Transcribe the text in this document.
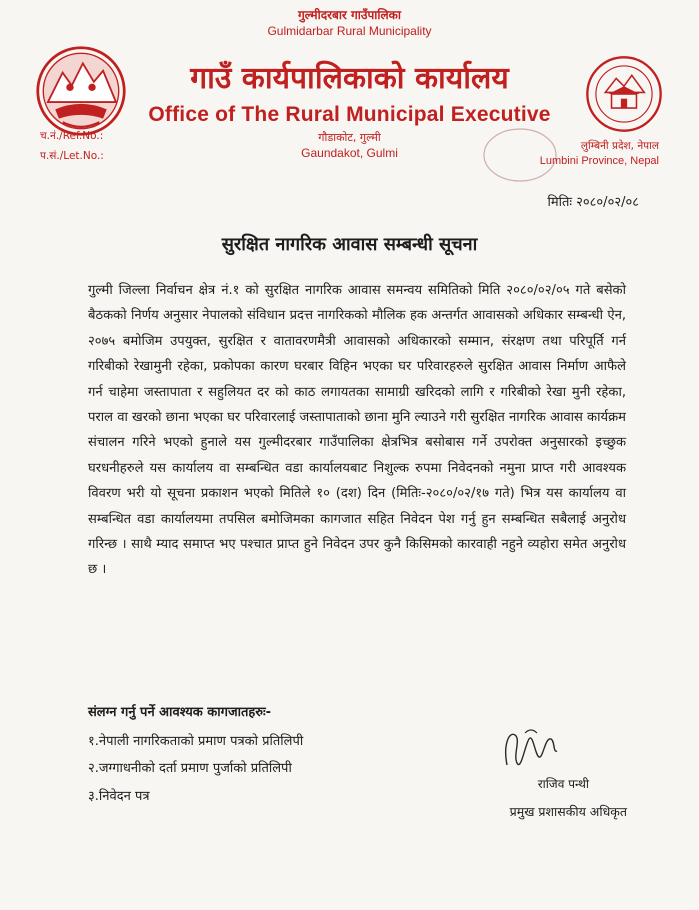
गुल्मीदरबार गाउँपालिका
Gulmidarbar Rural Municipality
गाउँ कार्यपालिकाको कार्यालय
Office of The Rural Municipal Executive
गौडाकोट, गुल्मी
Gaundakot, Gulmi
च.नं./Ref.No.:
प.सं./Let.No.:
लुम्बिनी प्रदेश, नेपाल
Lumbini Province, Nepal
मितिः २०८०/०२/०८
सुरक्षित नागरिक आवास सम्बन्धी सूचना
गुल्मी जिल्ला निर्वाचन क्षेत्र नं.१ को सुरक्षित नागरिक आवास समन्वय समितिको मिति २०८०/०२/०५ गते बसेको बैठकको निर्णय अनुसार नेपालको संविधान प्रदत्त नागरिकको मौलिक हक अन्तर्गत आवासको अधिकार सम्बन्धी ऐन, २०७५ बमोजिम उपयुक्त, सुरक्षित र वातावरणमैत्री आवासको अधिकारको सम्मान, संरक्षण तथा परिपूर्ति गर्न गरिबीको रेखामुनी रहेका, प्रकोपका कारण घरबार विहिन भएका घर परिवारहरुले सुरक्षित आवास निर्माण आफैले गर्न चाहेमा जस्तापाता र सहुलियत दर को काठ लगायतका सामाग्री खरिदको लागि र गरिबीको रेखा मुनी रहेका, पराल वा खरको छाना भएका घर परिवारलाई जस्तापाताको छाना मुनि ल्याउने गरी सुरक्षित नागरिक आवास कार्यक्रम संचालन गरिने भएको हुनाले यस गुल्मीदरबार गाउँपालिका क्षेत्रभित्र बसोबास गर्ने उपरोक्त अनुसारको इच्छुक घरधनीहरुले यस कार्यालय वा सम्बन्धित वडा कार्यालयबाट निशुल्क रुपमा निवेदनको नमुना प्राप्त गरी आवश्यक विवरण भरी यो सूचना प्रकाशन भएको मितिले १० (दश) दिन (मितिः-२०८०/०२/१७ गते) भित्र यस कार्यालय वा सम्बन्धित वडा कार्यालयमा तपसिल बमोजिमका कागजात सहित निवेदन पेश गर्नु हुन सम्बन्धित सबैलाई अनुरोध गरिन्छ । साथै म्याद समाप्त भए पश्चात प्राप्त हुने निवेदन उपर कुनै किसिमको कारवाही नहुने व्यहोरा समेत अनुरोध छ ।
संलग्न गर्नु पर्ने आवश्यक कागजातहरुः-
१.नेपाली नागरिकताको प्रमाण पत्रको प्रतिलिपी
२.जग्गाधनीको दर्ता प्रमाण पुर्जाको प्रतिलिपी
३.निवेदन पत्र
राजिव पन्थी
प्रमुख प्रशासकीय अधिकृत
